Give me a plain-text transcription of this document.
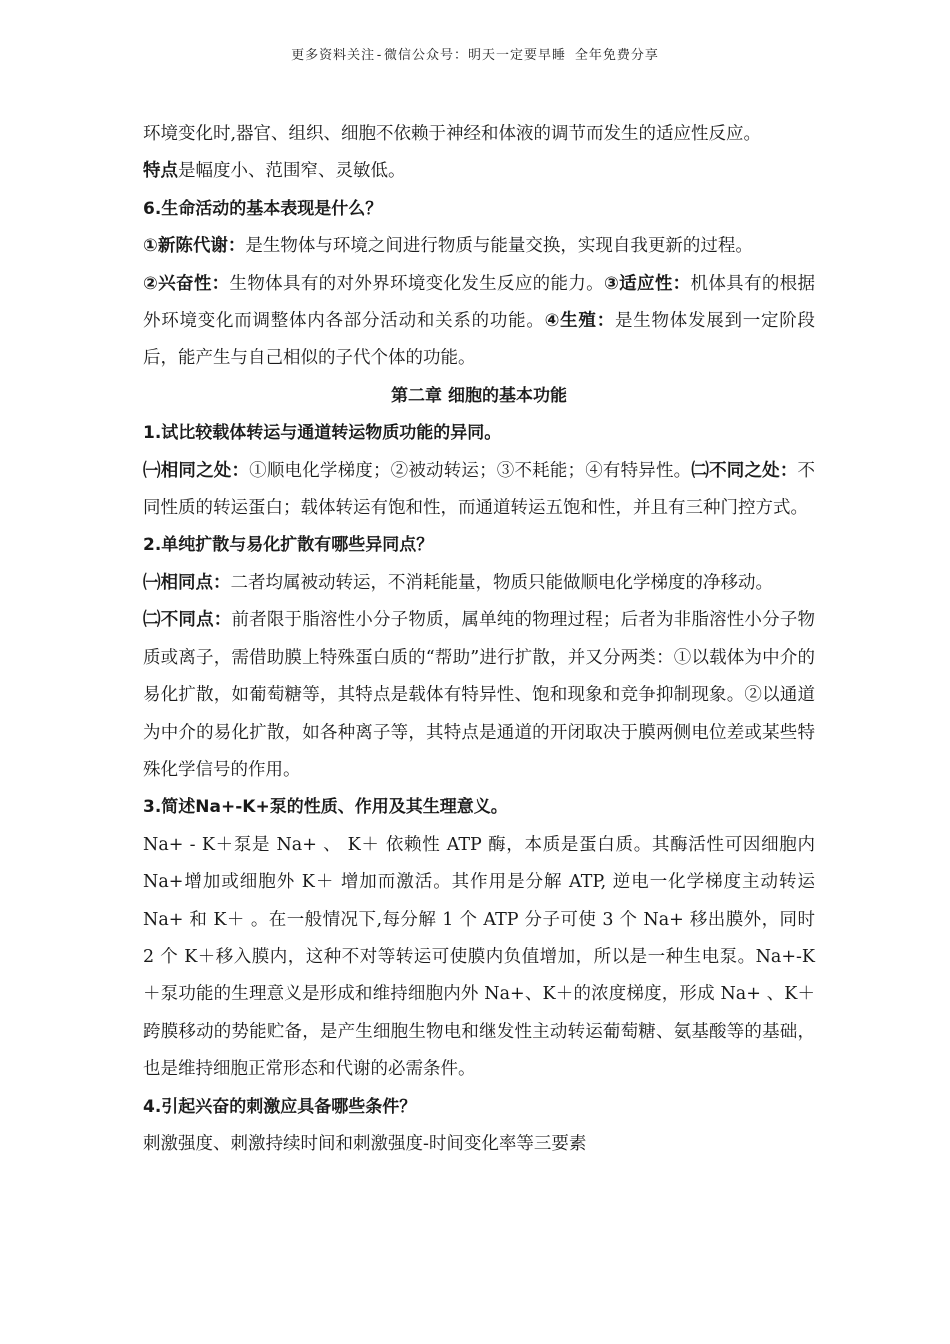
更多资料关注-微信公众号：明天一定要早睡 全年免费分享

环境变化时,器官、组织、细胞不依赖于神经和体液的调节而发生的适应性反应。

特点是幅度小、范围窄、灵敏低。

6.生命活动的基本表现是什么？

①新陈代谢：是生物体与环境之间进行物质与能量交换，实现自我更新的过程。

②兴奋性：生物体具有的对外界环境变化发生反应的能力。③适应性：机体具有的根据外环境变化而调整体内各部分活动和关系的功能。④生殖：是生物体发展到一定阶段后，能产生与自己相似的子代个体的功能。

第二章 细胞的基本功能

1.试比较载体转运与通道转运物质功能的异同。

㈠相同之处：①顺电化学梯度；②被动转运；③不耗能；④有特异性。㈡不同之处：不同性质的转运蛋白；载体转运有饱和性，而通道转运五饱和性，并且有三种门控方式。

2.单纯扩散与易化扩散有哪些异同点？

㈠相同点：二者均属被动转运，不消耗能量，物质只能做顺电化学梯度的净移动。

㈡不同点：前者限于脂溶性小分子物质，属单纯的物理过程；后者为非脂溶性小分子物质或离子，需借助膜上特殊蛋白质的“帮助”进行扩散，并又分两类：①以载体为中介的易化扩散，如葡萄糖等，其特点是载体有特异性、饱和现象和竞争抑制现象。②以通道为中介的易化扩散，如各种离子等，其特点是通道的开闭取决于膜两侧电位差或某些特殊化学信号的作用。

3.简述Na+-K+泵的性质、作用及其生理意义。

Na+ - K＋泵是 Na+ 、 K＋ 依赖性 ATP 酶，本质是蛋白质。其酶活性可因细胞内 Na+增加或细胞外 K＋ 增加而激活。其作用是分解 ATP, 逆电一化学梯度主动转运 Na+ 和 K＋ 。在一般情况下,每分解 1 个 ATP 分子可使 3 个 Na+ 移出膜外，同时 2 个 K＋移入膜内，这种不对等转运可使膜内负值增加，所以是一种生电泵。Na+-K＋泵功能的生理意义是形成和维持细胞内外 Na+、K＋的浓度梯度，形成 Na+ 、K＋ 跨膜移动的势能贮备，是产生细胞生物电和继发性主动转运葡萄糖、氨基酸等的基础，也是维持细胞正常形态和代谢的必需条件。

4.引起兴奋的刺激应具备哪些条件？

刺激强度、刺激持续时间和刺激强度-时间变化率等三要素
